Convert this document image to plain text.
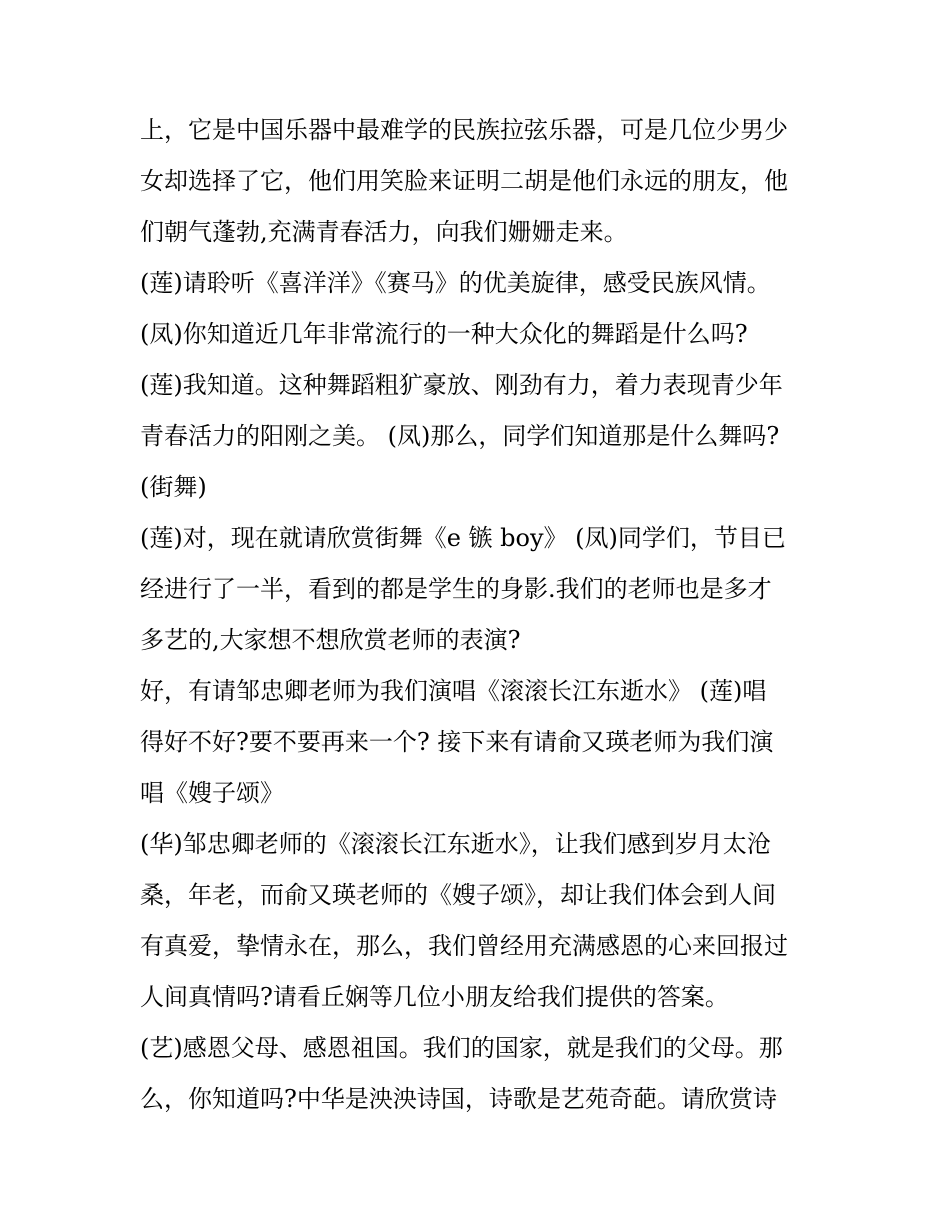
上，它是中国乐器中最难学的民族拉弦乐器，可是几位少男少
女却选择了它，他们用笑脸来证明二胡是他们永远的朋友，他
们朝气蓬勃,充满青春活力，向我们姗姗走来。
(莲)请聆听《喜洋洋》《赛马》的优美旋律，感受民族风情。
(凤)你知道近几年非常流行的一种大众化的舞蹈是什么吗?
(莲)我知道。这种舞蹈粗犷豪放、刚劲有力，着力表现青少年
青春活力的阳刚之美。 (凤)那么，同学们知道那是什么舞吗?
(街舞)
(莲)对，现在就请欣赏街舞《e 镞 boy》 (凤)同学们，节目已
经进行了一半，看到的都是学生的身影.我们的老师也是多才
多艺的,大家想不想欣赏老师的表演?
好，有请邹忠卿老师为我们演唱《滚滚长江东逝水》 (莲)唱
得好不好?要不要再来一个? 接下来有请俞又瑛老师为我们演
唱《嫂子颂》
(华)邹忠卿老师的《滚滚长江东逝水》，让我们感到岁月太沧
桑，年老，而俞又瑛老师的《嫂子颂》，却让我们体会到人间
有真爱，挚情永在，那么，我们曾经用充满感恩的心来回报过
人间真情吗?请看丘娴等几位小朋友给我们提供的答案。
(艺)感恩父母、感恩祖国。我们的国家，就是我们的父母。那
么，你知道吗?中华是泱泱诗国，诗歌是艺苑奇葩。请欣赏诗
